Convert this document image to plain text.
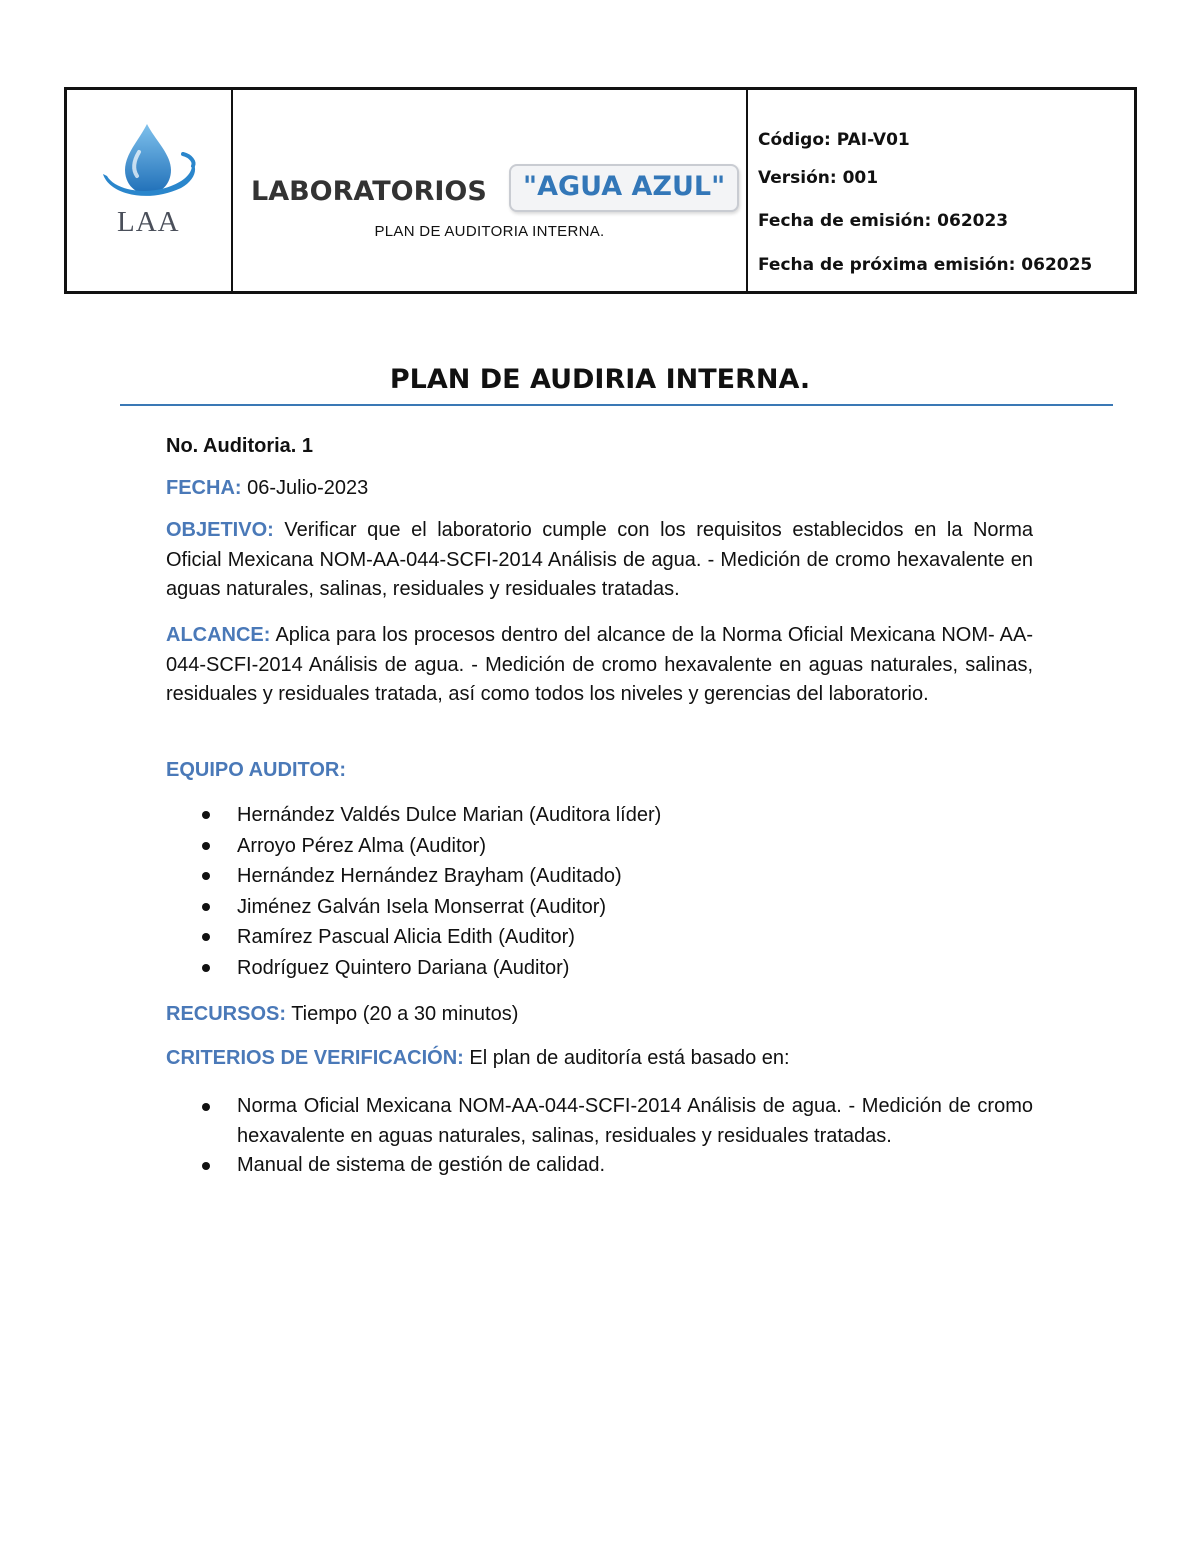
LAA
LABORATORIOS	"AGUA AZUL"
PLAN DE AUDITORIA INTERNA.
Código: PAI-V01
Versión: 001
Fecha de emisión: 062023
Fecha de próxima emisión: 062025
PLAN DE AUDIRIA INTERNA.
No. Auditoria. 1
FECHA: 06-Julio-2023
OBJETIVO: Verificar que el laboratorio cumple con los requisitos establecidos en la Norma Oficial Mexicana NOM-AA-044-SCFI-2014 Análisis de agua. - Medición de cromo hexavalente en aguas naturales, salinas, residuales y residuales tratadas.
ALCANCE: Aplica para los procesos dentro del alcance de la Norma Oficial Mexicana NOM- AA-044-SCFI-2014 Análisis de agua. - Medición de cromo hexavalente en aguas naturales, salinas, residuales y residuales tratada, así como todos los niveles y gerencias del laboratorio.
EQUIPO AUDITOR:
Hernández Valdés Dulce Marian (Auditora líder)
Arroyo Pérez Alma (Auditor)
Hernández Hernández Brayham (Auditado)
Jiménez Galván Isela Monserrat (Auditor)
Ramírez Pascual Alicia Edith (Auditor)
Rodríguez Quintero Dariana (Auditor)
RECURSOS: Tiempo (20 a 30 minutos)
CRITERIOS DE VERIFICACIÓN: El plan de auditoría está basado en:
Norma Oficial Mexicana NOM-AA-044-SCFI-2014 Análisis de agua. - Medición de cromo hexavalente en aguas naturales, salinas, residuales y residuales tratadas.
Manual de sistema de gestión de calidad.
